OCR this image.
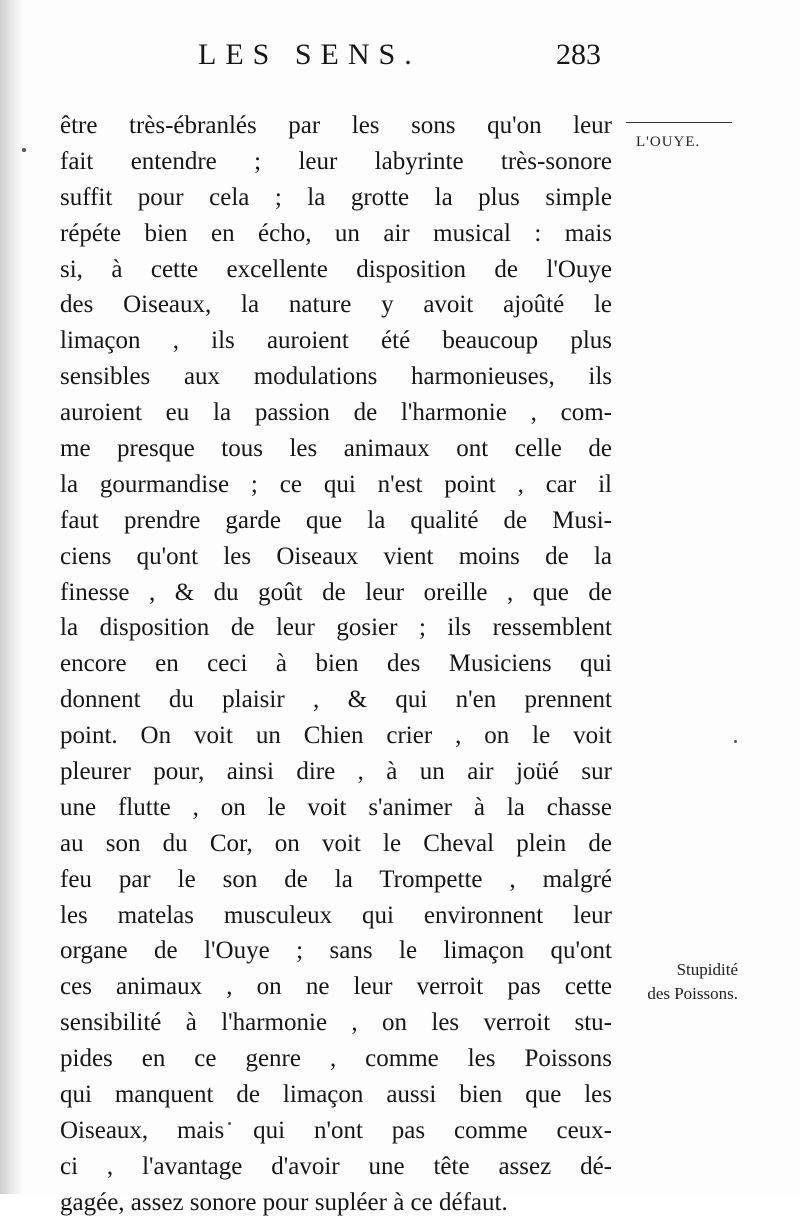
LES SENS.	283
L'OUYE.
Stupidité
des Poissons.
être très-ébranlés par les sons qu'on leur
fait entendre ; leur labyrinte très-sonore
suffit pour cela ; la grotte la plus simple
répéte bien en écho, un air musical : mais
si, à cette excellente disposition de l'Ouye
des Oiseaux, la nature y avoit ajoûté le
limaçon , ils auroient été beaucoup plus
sensibles aux modulations harmonieuses, ils
auroient eu la passion de l'harmonie , com-
me presque tous les animaux ont celle de
la gourmandise ; ce qui n'est point , car il
faut prendre garde que la qualité de Musi-
ciens qu'ont les Oiseaux vient moins de la
finesse , & du goût de leur oreille , que de
la disposition de leur gosier ; ils ressemblent
encore en ceci à bien des Musiciens qui
donnent du plaisir , & qui n'en prennent
point. On voit un Chien crier , on le voit
pleurer pour, ainsi dire , à un air joüé sur
une flutte , on le voit s'animer à la chasse
au son du Cor, on voit le Cheval plein de
feu par le son de la Trompette , malgré
les matelas musculeux qui environnent leur
organe de l'Ouye ; sans le limaçon qu'ont
ces animaux , on ne leur verroit pas cette
sensibilité à l'harmonie , on les verroit stu-
pides en ce genre , comme les Poissons
qui manquent de limaçon aussi bien que les
Oiseaux, mais qui n'ont pas comme ceux-
ci , l'avantage d'avoir une tête assez dé-
gagée, assez sonore pour supléer à ce défaut.
